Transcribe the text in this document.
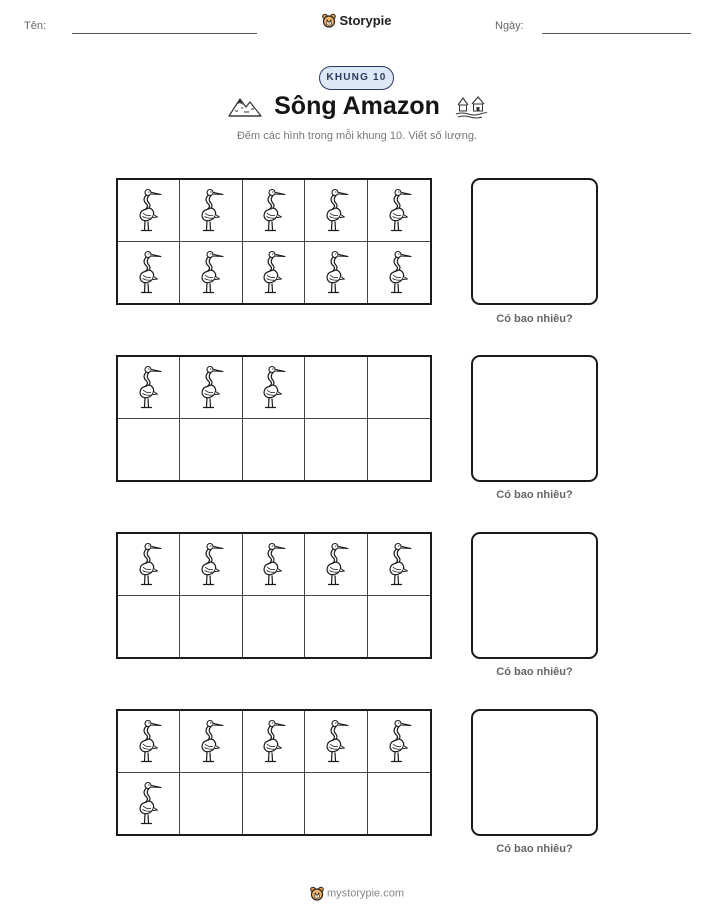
Tên:	Storypie	Ngày:
KHUNG 10
Sông Amazon
Đếm các hình trong mỗi khung 10. Viết số lượng.
Có bao nhiêu?
Có bao nhiêu?
Có bao nhiêu?
Có bao nhiêu?
mystorypie.com
